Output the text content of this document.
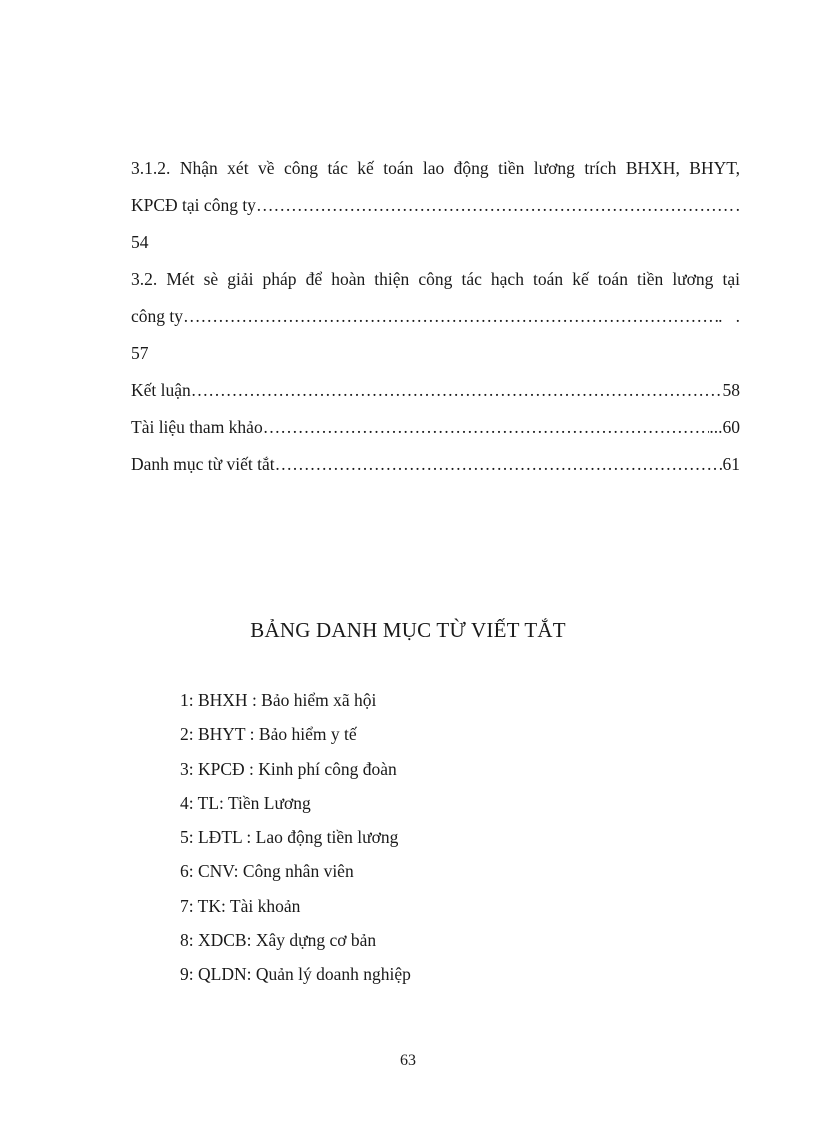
3.1.2. Nhận xét về công tác kế toán lao động tiền lương trích BHXH, BHYT,
KPCĐ tại công ty …………………………………………………………………………………………………………………………………………………………………………………………………………	.
54
3.2. Mét sè giải pháp để hoàn thiện công tác hạch toán kế toán tiền lương tại
công ty …………………………………………………………………………………………………………………………………………………………………………………………………………	.   .
57
Kết luận …………………………………………………………………………………………………………………………………………………………………………………………………………	58
Tài liệu tham khảo …………………………………………………………………………………………………………………………………………………………………………………………………………	...60
Danh mục từ viết tắt …………………………………………………………………………………………………………………………………………………………………………………………………………	61
BẢNG DANH MỤC TỪ VIẾT TẮT
1: BHXH : Bảo hiểm xã hội
2: BHYT : Bảo hiểm y tế
3: KPCĐ : Kinh phí công đoàn
4: TL: Tiền Lương
5: LĐTL : Lao động tiền lương
6: CNV: Công nhân viên
7: TK: Tài khoản
8: XDCB: Xây dựng cơ bản
9: QLDN: Quản lý doanh nghiệp
63
